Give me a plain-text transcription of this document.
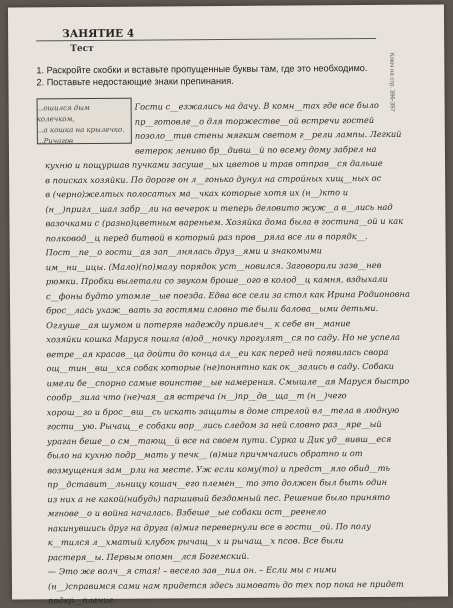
ЗАНЯТИЕ 4
Тест
1. Раскройте скобки и вставьте пропущенные буквы там, где это необходимо.
2. Поставьте недостающие знаки препинания.	Ключ на стр. 396-397
...ошился дым колечком,
...а кошка на крылечко.
...Ричагов
Гости с__езжались на дачу. В комн__тах где все было
пр__готовле__о для торжестве__ой встречи гостей
позоло__тив стены мягким светом г__рели лампы. Легкий
ветерок лениво бр__дивш__й по всему дому забрел на
кухню и пощуршав пучками засуше__ых цветов и трав отправ__ся дальше
в поисках хозяйки. По дороге он л__гонько дунул на стройных хищ__ных ос
в (черно)желтых полосатых ма__чках которые хотя их (н__)кто и
(н__)пригл__шал забр__ли на вечерок и теперь деловито жуж__а в__лись над
вазочками с (разно)цветным вареньем. Хозяйка дома была в гостина__ой и как
полковод__ц перед битвой в который раз пров__ряла все ли в порядк__.
Пост__пе__о гости__ая зап__лнялась друз__ями и знакомыми
им__ни__ицы. (Мало)(по)малу порядок уст__новился. Заговорили зазв__нев
рюмки. Пробки вылетали со звуком броше__ого в колод__ц камня, вздыхали
с__фоны будто утомле__ые поезда. Едва все сели за стол как Ирина Родионовна
брос__лась ухаж__вать за гостями словно те были балова__ыми детьми.
Оглуше__ая шумом и потеряв надежду привлеч__ к себе вн__мание
хозяйки кошка Маруся пошла (в)од__ночку прогулят__ся по саду. Но не успела
ветре__ая красав__ца дойти до конца ал__еи как перед ней появилась свора
ощ__тин__вш__хся собак которые (не)понятно как ок__зались в саду. Собаки
имели бе__спорно самые воинстве__ые намерения. Смышле__ая Маруся быстро
сообр__зила что (не)чая__ая встреча (н__)пр__дв__ща__т (н__)чего
хорош__го и брос__вш__сь искать защиты в доме стрелой вл__тела в людную
гости__ую. Рычащ__е собаки вор__лись следом за ней словно раз__яре__ый
ураган беше__о см__тающ__й все на своем пути. Сурка и Дик уд__вивш__еся
было на кухню подр__мать у печк__ (в)миг причмчались обратно и от
возмущения зам__рли на месте. Уж если кому(то) и предст__яло обид__ть
пр__дставит__льницу кошач__его племен__ то это должен был быть один
из них а не какой(нибудь) паршивый бездомный пес. Решение было принято
мгнове__о и война началась. Взбеше__ые собаки ост__реенело
накинувшись друг на друга (в)миг перевернули все в гости__ой. По полу
к__тился л__хматый клубок рычащ__х и рычащ__х псов. Все были
растеря__ы. Первым опомн__лся Богемский.
— Это же волч__я стая! – весело зав__пил он. – Если мы с ними
(н__)справимся сами нам придется здесь зимовать до тех пор пока не придет
подкр__пление.
